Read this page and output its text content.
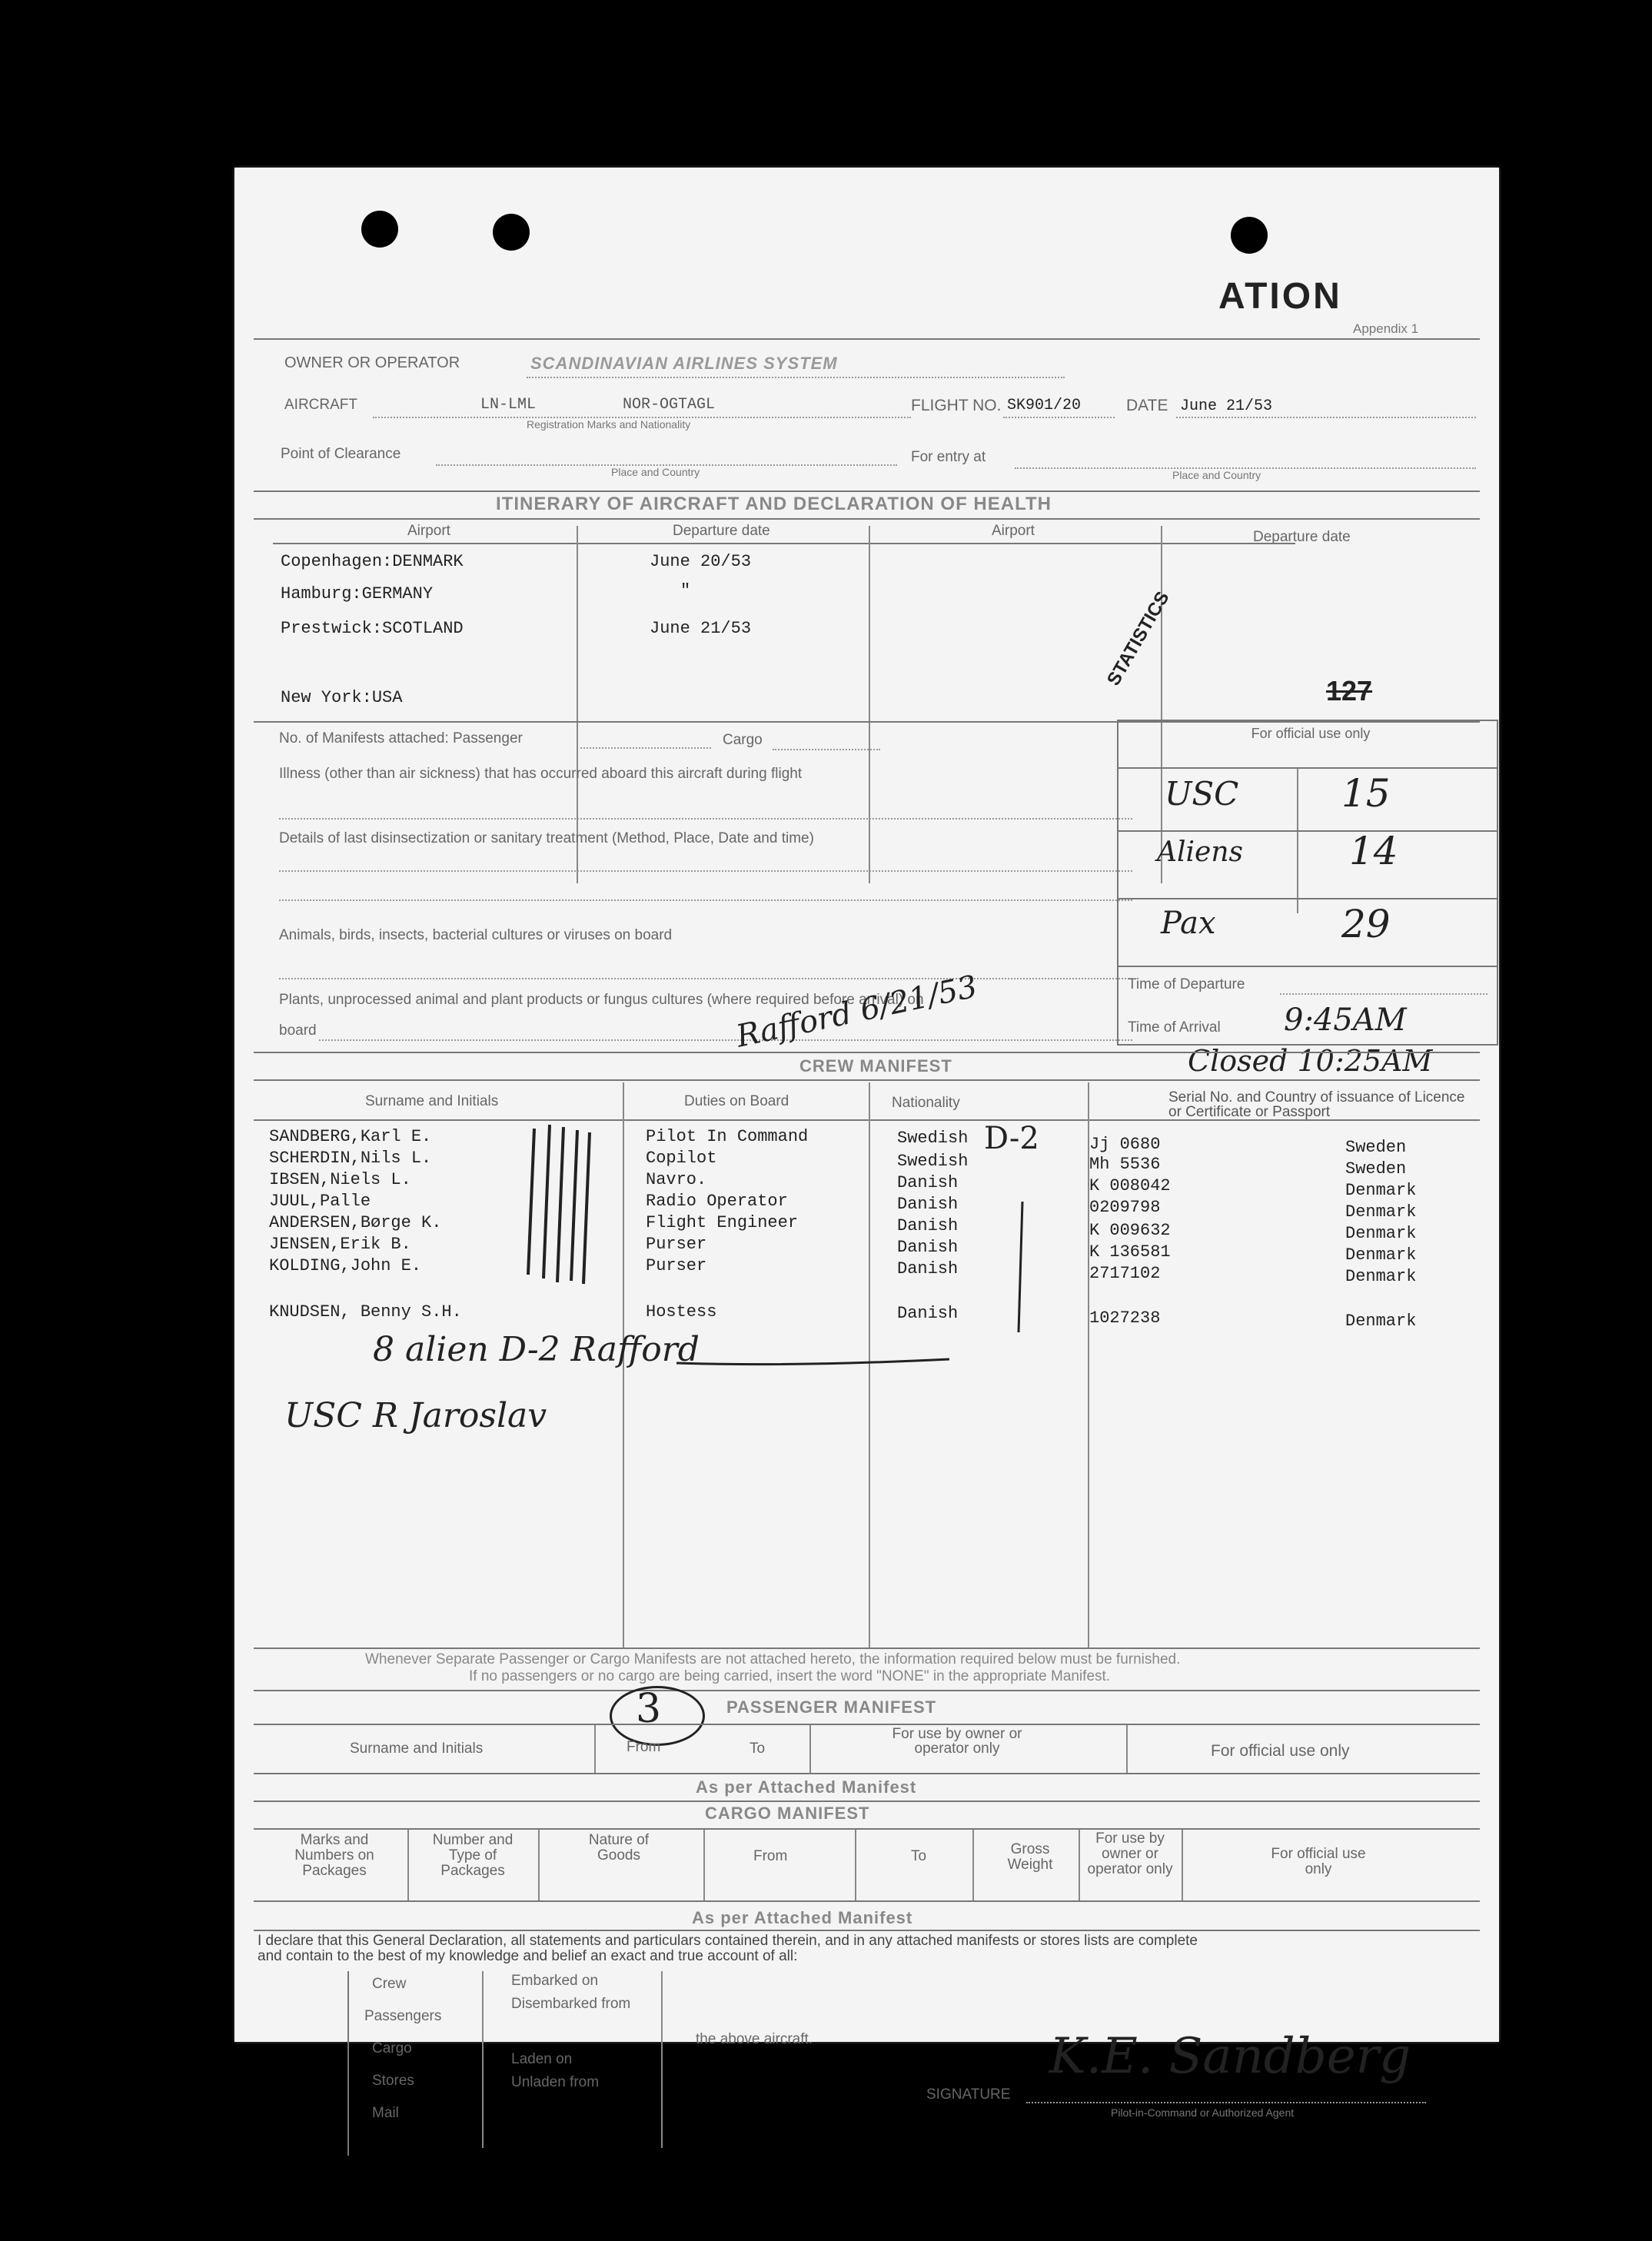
ATION
Appendix 1
OWNER OR OPERATOR	SCANDINAVIAN AIRLINES SYSTEM
AIRCRAFT	LN-LML	NOR-OGTAGL
Registration Marks and Nationality
FLIGHT NO. SK901/20	DATE June 21/53
Point of Clearance
Place and Country
For entry at
Place and Country
ITINERARY OF AIRCRAFT AND DECLARATION OF HEALTH
Airport	Departure date	Airport	Departure date
Copenhagen:DENMARK	June 20/53
Hamburg:GERMANY	"
Prestwick:SCOTLAND	June 21/53
New York:USA
STATISTICS
127
No. of Manifests attached: Passenger	Cargo
Illness (other than air sickness) that has occurred aboard this aircraft during flight
Details of last disinsectization or sanitary treatment (Method, Place, Date and time)
Animals, birds, insects, bacterial cultures or viruses on board
Plants, unprocessed animal and plant products or fungus cultures (where required before arrival) on
board
For official use only
USC	15
Aliens	14
Pax	29
Time of Departure
Time of Arrival 9:45AM
Closed 10:25AM
Rafford 6/21/53
CREW MANIFEST
Surname and Initials	Duties on Board	Nationality	Serial No. and Country of issuance of Licence or Certificate or Passport
SANDBERG,Karl E.	Pilot In Command	Swedish	Jj 0680	Sweden
SCHERDIN,Nils L.	Copilot	Swedish	Mh 5536	Sweden
IBSEN,Niels L.	Navro.	Danish	K 008042	Denmark
JUUL,Palle	Radio Operator	Danish	0209798	Denmark
ANDERSEN,Børge K.	Flight Engineer	Danish	K 009632	Denmark
JENSEN,Erik B.	Purser	Danish	K 136581	Denmark
KOLDING,John E.	Purser	Danish	2717102	Denmark
KNUDSEN, Benny S.H.	Hostess	Danish	1027238	Denmark
D-2
8 alien D-2 Rafford
USC R Jaroslav
Whenever Separate Passenger or Cargo Manifests are not attached hereto, the information required below must be furnished.
If no passengers or no cargo are being carried, insert the word "NONE" in the appropriate Manifest.
3	PASSENGER MANIFEST
Surname and Initials	From	To
For use by owner or operator only	For official use only
As per Attached Manifest
CARGO MANIFEST
Marks and Numbers on Packages
Number and Type of Packages
Nature of Goods	From	To	Gross Weight
For use by owner or operator only
For official use only
As per Attached Manifest
I declare that this General Declaration, all statements and particulars contained therein, and in any attached manifests or stores lists are complete
and contain to the best of my knowledge and belief an exact and true account of all:
Crew
Passengers
Cargo
Stores
Mail
Embarked on
Disembarked from
Laden on
Unladen from
the above aircraft.
SIGNATURE
Pilot-in-Command or Authorized Agent
K.E. Sandberg
